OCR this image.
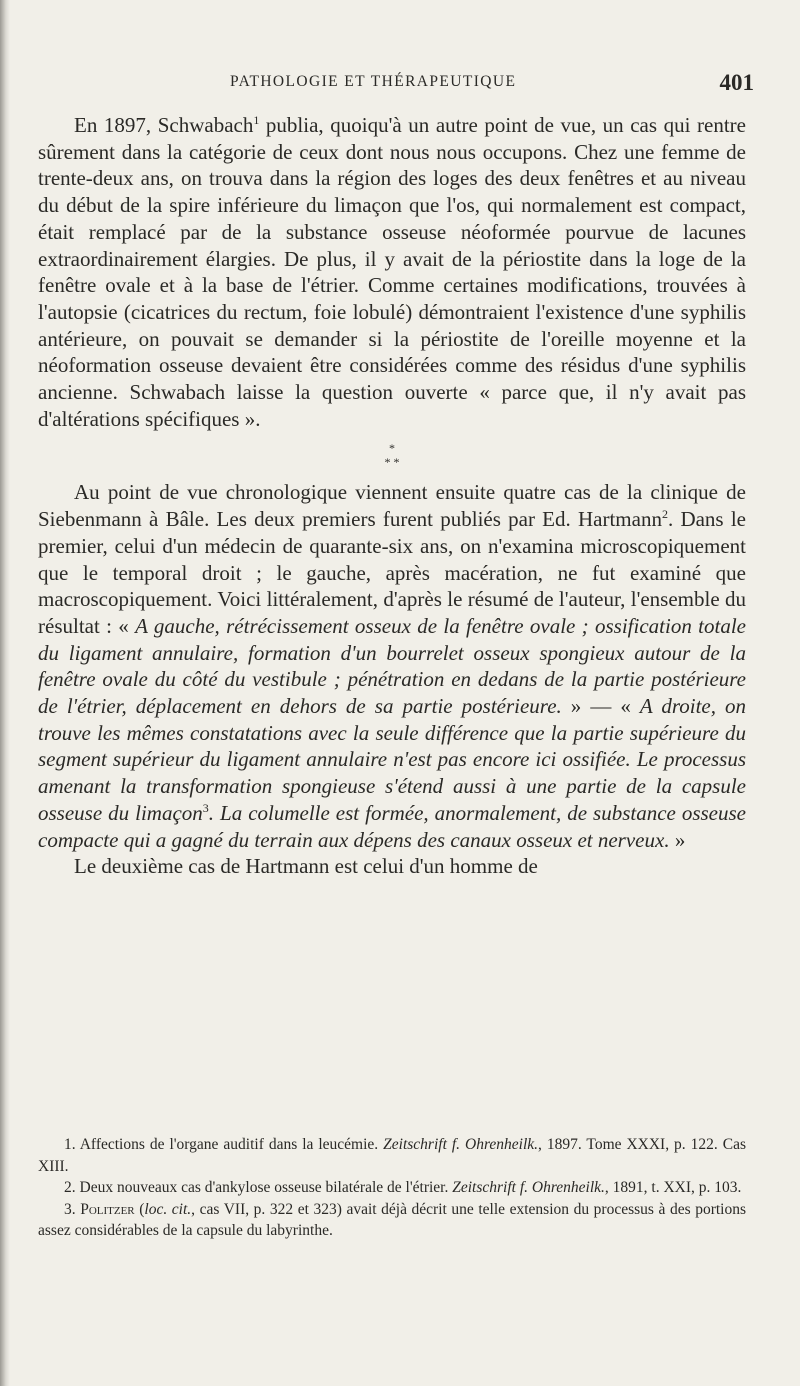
PATHOLOGIE ET THÉRAPEUTIQUE	401

En 1897, Schwabach$^1$ publia, quoiqu'à un autre point de vue, un cas qui rentre sûrement dans la catégorie de ceux dont nous nous occupons. Chez une femme de trente-deux ans, on trouva dans la région des loges des deux fenêtres et au niveau du début de la spire inférieure du limaçon que l'os, qui normalement est compact, était remplacé par de la substance osseuse néoformée pourvue de lacunes extraordinairement élargies. De plus, il y avait de la périostite dans la loge de la fenêtre ovale et à la base de l'étrier. Comme certaines modifications, trouvées à l'autopsie (cicatrices du rectum, foie lobulé) démontraient l'existence d'une syphilis antérieure, on pouvait se demander si la périostite de l'oreille moyenne et la néoformation osseuse devaient être considérées comme des résidus d'une syphilis ancienne. Schwabach laisse la question ouverte « parce que, il n'y avait pas d'altérations spécifiques ».

*
* *

Au point de vue chronologique viennent ensuite quatre cas de la clinique de Siebenmann à Bâle. Les deux premiers furent publiés par Ed. Hartmann$^2$. Dans le premier, celui d'un médecin de quarante-six ans, on n'examina microscopiquement que le temporal droit ; le gauche, après macération, ne fut examiné que macroscopiquement. Voici littéralement, d'après le résumé de l'auteur, l'ensemble du résultat : « A gauche, rétrécissement osseux de la fenêtre ovale ; ossification totale du ligament annulaire, formation d'un bourrelet osseux spongieux autour de la fenêtre ovale du côté du vestibule ; pénétration en dedans de la partie postérieure de l'étrier, déplacement en dehors de sa partie postérieure. » — « A droite, on trouve les mêmes constatations avec la seule différence que la partie supérieure du segment supérieur du ligament annulaire n'est pas encore ici ossifiée. Le processus amenant la transformation spongieuse s'étend aussi à une partie de la capsule osseuse du limaçon$^3$. La columelle est formée, anormalement, de substance osseuse compacte qui a gagné du terrain aux dépens des canaux osseux et nerveux. »

Le deuxième cas de Hartmann est celui d'un homme de

1. Affections de l'organe auditif dans la leucémie. Zeitschrift f. Ohrenheilk., 1897. Tome XXXI, p. 122. Cas XIII.

2. Deux nouveaux cas d'ankylose osseuse bilatérale de l'étrier. Zeitschrift f. Ohrenheilk., 1891, t. XXI, p. 103.

3. Politzer (loc. cit., cas VII, p. 322 et 323) avait déjà décrit une telle extension du processus à des portions assez considérables de la capsule du labyrinthe.
